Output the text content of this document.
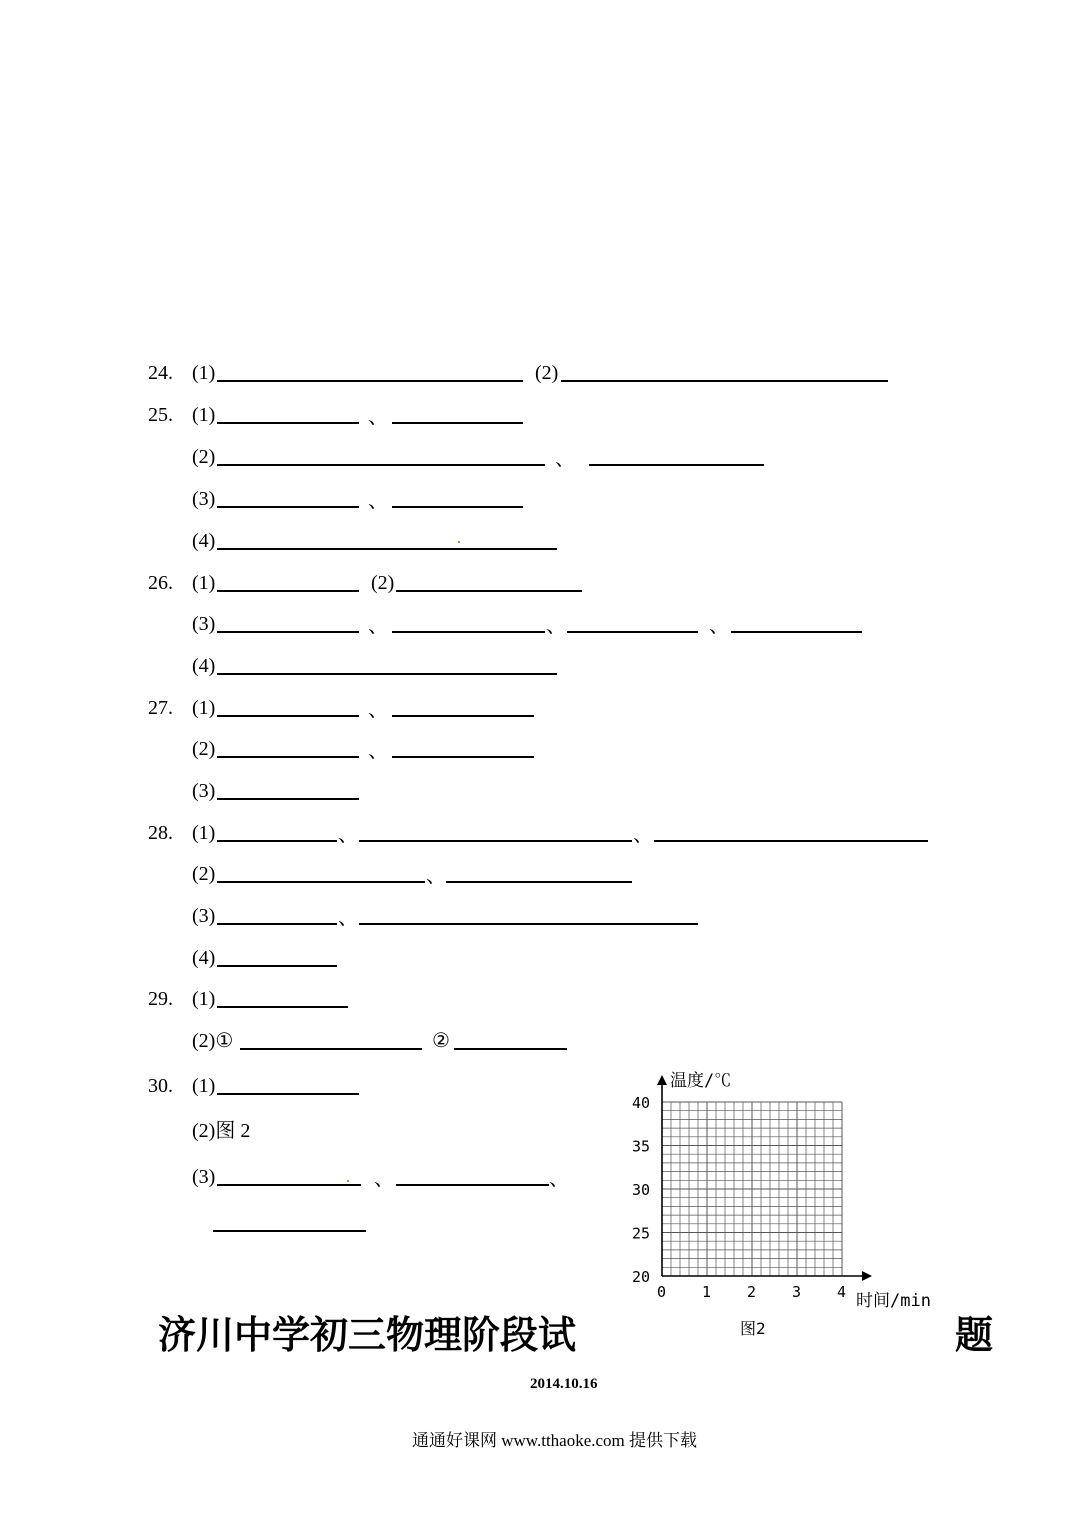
24. (1)	(2)
25. (1)	、
(2)	、
(3)	、
(4)
26. (1)	(2)
(3)	、	、	、
(4)
27. (1)	、
(2)	、
(3)
28. (1)	、	、
(2)	、
(3)	、
(4)
29. (1)
(2)①	②
30. (1)
(2)图 2
(3)	、	、
温度/℃
时间/min
图2
0 1 2 3 4
20
25
30
35
40
济川中学初三物理阶段试	题
2014.10.16
通通好课网 www.tthaoke.com 提供下载
